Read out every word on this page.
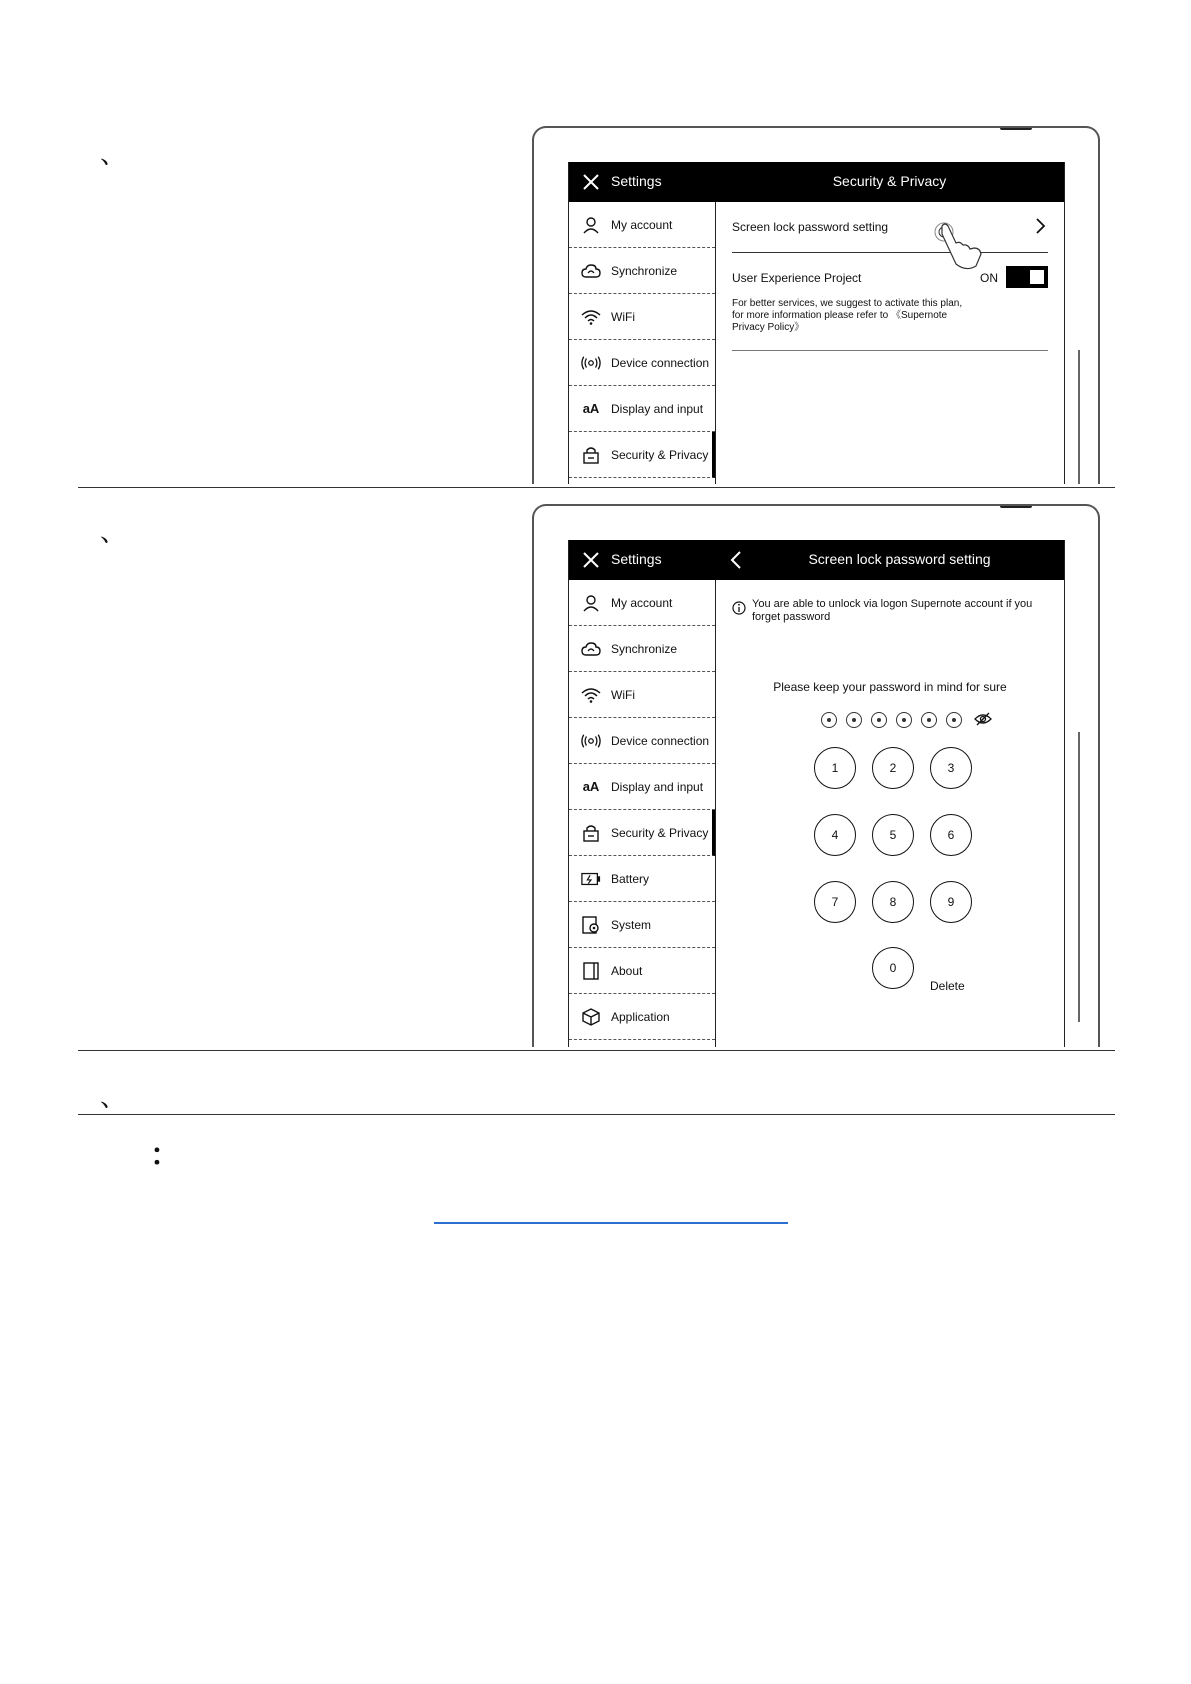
、
、
、
：
Settings	Security & Privacy
My account
Synchronize
WiFi
Device connection
aA Display and input
Security & Privacy
Screen lock password setting
User Experience Project	ON
For better services, we suggest to activate this plan, for more information please refer to 《Supernote Privacy Policy》
Settings	Screen lock password setting
My account
Synchronize
WiFi
Device connection
aA Display and input
Security & Privacy
Battery
System
About
Application
You are able to unlock via logon Supernote account if you forget password
Please keep your password in mind for sure
1	2	3
4	5	6
7	8	9
0
Delete
